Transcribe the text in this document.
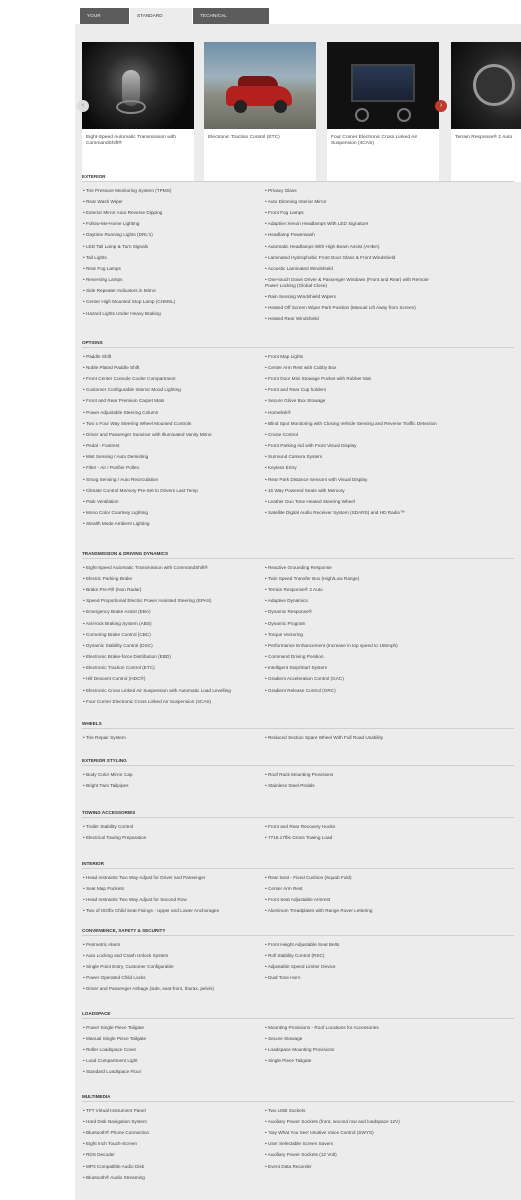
YOUR	STANDARD	TECHNICAL
Eight-Speed Automatic Transmission with CommandShift®
Electronic Traction Control (ETC)	Four Corner Electronic Cross Linked Air Suspension (4CAS)
Terrain Response® 2 Auto
‹	›
EXTERIOR
• Tire Pressure Monitoring System (TPMS)
• Rear Wash Wiper
• Exterior Mirror Auto Reverse Dipping
• Follow-Me-Home Lighting
• Daytime Running Lights (DRL's)
• LED Tail Lamp & Turn Signals
• Tail Lights
• Rear Fog Lamps
• Reversing Lamps
• Side Repeater Indicators in Mirror
• Center High Mounted Stop Lamp (CHMSL)
• Hazard Lights Under Heavy Braking
• Privacy Glass
• Auto Dimming Interior Mirror
• Front Fog Lamps
• Adaptive Xenon Headlamps With LED Signature
• Headlamp Powerwash
• Automatic Headlamps With High Beam Assist (AHBA)
• Laminated Hydrophobic Front Door Glass & Front Windshield
• Acoustic Laminated Windshield
• One-touch Down Driver & Passenger Windows (Front and Rear) with Remote Power Locking (Global Close)
• Rain Sensing Windshield Wipers
• Heated Off Screen Wiper Park Position (Manual Lift Away from Screen)
• Heated Rear Windshield
OPTIONS
• Paddle Shift
• Noble Plated Paddle Shift
• Front Center Console Cooler Compartment
• Customer Configurable Interior Mood Lighting
• Front and Rear Premium Carpet Mats
• Power Adjustable Steering Column
• Two x Four Way Steering Wheel Mounted Controls
• Driver and Passenger Sunvisor with Illuminated Vanity Mirror
• Pedal - Footrest
• Mist Sensing / Auto Demisting
• Filter - Air / Purifier Pollen
• Smog Sensing / Auto Recirculation
• Climate Control Memory Pre-Set to Drivers Last Temp
• Park Ventilation
• Mono Color Courtesy Lighting
• Stealth Mode Ambient Lighting
• Front Map Lights
• Center Arm Rest with Cubby Box
• Front Door Mini Stowage Pocket with Rubber Mat
• Front and Rear Cup holders
• Secure Glove Box Stowage
• Homelink®
• Blind Spot Monitoring with Closing Vehicle Sensing and Reverse Traffic Detection
• Cruise Control
• Front Parking Aid with Front Visual Display
• Surround Camera System
• Keyless Entry
• Rear Park Distance Sensors with Visual Display
• 16 Way Powered Seats with Memory
• Leather Duo Tone Heated Steering Wheel
• Satellite Digital Audio Receiver System (SDARS) and HD Radio™
TRANSMISSION & DRIVING DYNAMICS
• Eight-Speed Automatic Transmission with CommandShift®
• Electric Parking Brake
• Brake Pre-Fill (Non Radar)
• Speed Proportional Electric Power Assisted Steering (EPAS)
• Emergency Brake Assist (EBA)
• Anti-lock Braking System (ABS)
• Cornering Brake Control (CBC)
• Dynamic Stability Control (DSC)
• Electronic Brake-force Distribution (EBD)
• Electronic Traction Control (ETC)
• Hill Descent Control (HDC®)
• Electronic Cross Linked Air Suspension with Automatic Load Levelling
• Four Corner Electronic Cross Linked Air Suspension (4CAS)
• Reactive Grounding Response
• Twin Speed Transfer Box (High/Low Range)
• Terrain Response® 2 Auto
• Adaptive Dynamics
• Dynamic Response®
• Dynamic Program
• Torque Vectoring
• Performance Enhancement (Increase in top speed to 155mph)
• Command Driving Position
• Intelligent Stop/Start System
• Gradient Acceleration Control (GAC)
• Gradient Release Control (GRC)
WHEELS
• Tire Repair System
•	Reduced Section Spare Wheel With Full Road Usability
EXTERIOR STYLING
• Body Color Mirror Cap
• Bright Twin Tailpipes
• Roof Rack Mounting Provisions
• Stainless Steel Pedals
TOWING ACCESSORIES
• Trailer Stability Control
• Electrical Towing Preparation
• Front and Rear Recovery Hooks
• 7716.17lbs Gross Towing Load
INTERIOR
• Head restraints Two Way Adjust for Driver and Passenger
• Seat Map Pockets
• Head restraints Two Way Adjust for Second Row
• Two of ISOfix Child Seat Fixings - Upper and Lower Anchorages
• Rear Seat - Fixed Cushion (Squab Fold)
• Center Arm Rest
• Front Seat Adjustable Armrest
• Aluminum Treadplates with Range Rover Lettering
CONVENIENCE, SAFETY & SECURITY
• Perimetric Alarm
• Auto Locking and Crash Unlock System
• Single Point Entry, Customer Configurable
• Power Operated Child Locks
• Driver and Passenger Airbags (side, seat-front, thorax, pelvis)
• Front Height Adjustable Seat Belts
• Roll Stability Control (RSC)
• Adjustable Speed Limiter Device
• Dual Tone Horn
LOADSPACE
• Power Single Piece Tailgate
• Manual Single Piece Tailgate
• Roller Loadspace Cover
• Load Compartment Light
• Standard Loadspace Floor
• Mounting Provisions - Roof Locations for Accessories
• Secure Stowage
• Loadspace Mounting Provisions
• Single Piece Tailgate
MULTIMEDIA
• TFT Virtual Instrument Panel
• Hard Disk Navigation System
• Bluetooth® Phone Connection
• Eight Inch Touch-Screen
• RDS Decoder
• MP3 Compatible Audio Disk
• Bluetooth® Audio Streaming
• Two USB Sockets
• Auxiliary Power Sockets (front, second row and loadspace 12V)
• 'Say What You See' Intuitive Voice Control (SWYS)
• User Selectable Screen Savers
• Auxiliary Power Sockets (12 Volt)
• Event Data Recorder
